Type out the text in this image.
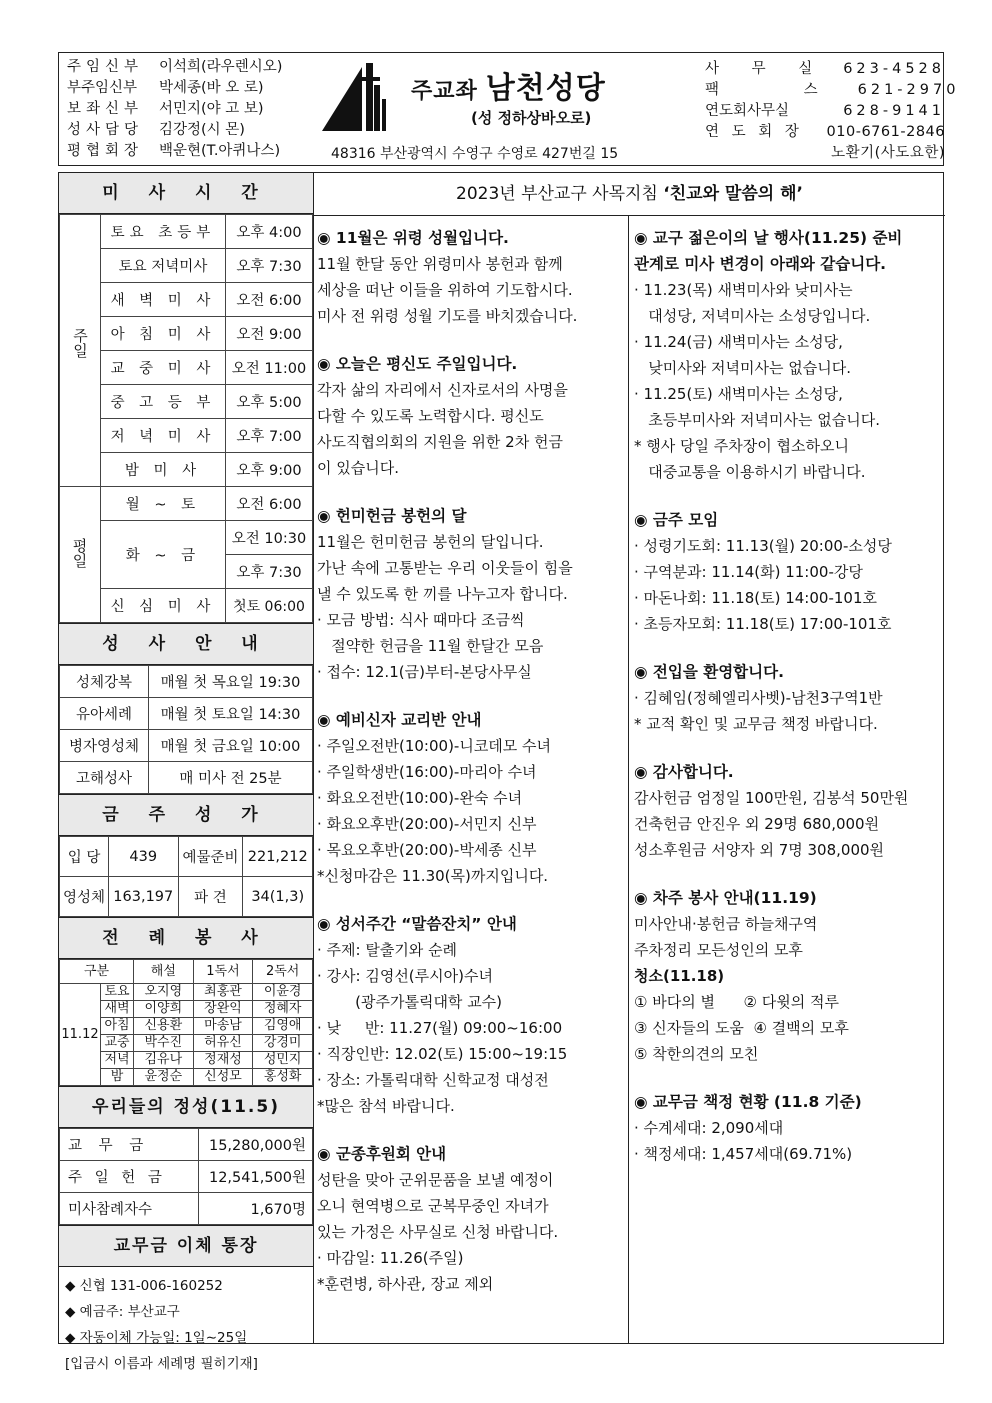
주임신부 이석희(라우렌시오)
부주임신부 박세종(바 오 로)
보좌신부 서민지(야 고 보)
성사담당 김강정(시 몬)
평협회장 백운현(T.아퀴나스)
주교좌 남천성당
(성 정하상바오로)
48316 부산광역시 수영구 수영로 427번길 15
사 무 실 623-4528
팩 스 621-2970
연도회사무실	628-9141
연 도 회 장 010-6761-2846
노환기(사도요한)
미 사 시 간
주일	토요 초등부	오후 4:00
	토요 저녁미사	오후 7:30
	새 벽 미 사	오전 6:00
	아 침 미 사	오전 9:00
	교 중 미 사	오전 11:00
	중 고 등 부	오후 5:00
	저 녁 미 사	오후 7:00
	밤 미 사	오후 9:00
평일	월 ~ 토	오전 6:00
	화 ~ 금	오전 10:30
		오후 7:30
	신 심 미 사	첫토 06:00
성 사 안 내
성체강복	매월 첫 목요일 19:30
유아세례	매월 첫 토요일 14:30
병자영성체	매월 첫 금요일 10:00
고해성사	매 미사 전 25분
금 주 성 가
입 당	439	예물준비	221,212
영성체	163,197	파 견	34(1,3)
전 례 봉 사
구분		해설	1독서	2독서
11.12	토요	오지영	최홍관	이윤경
	새벽	이양희	장완익	정혜자
	아침	신용환	마송남	김영애
	교중	박수진	허유신	강경미
	저녁	김유나	정재성	성민지
	밤	윤정순	신성모	홍성화
우리들의 정성(11.5)
교 무 금	15,280,000원
주 일 헌 금	12,541,500원
미사참례자수	1,670명
교무금 이체 통장
◆ 신협 131-006-160252
◆ 예금주: 부산교구
◆ 자동이체 가능일: 1일∼25일
[입금시 이름과 세례명 필히기재]
2023년 부산교구 사목지침 ‘친교와 말씀의 해’
◉ 11월은 위령 성월입니다.
11월 한달 동안 위령미사 봉헌과 함께
세상을 떠난 이들을 위하여 기도합시다.
미사 전 위령 성월 기도를 바치겠습니다.
◉ 오늘은 평신도 주일입니다.
각자 삶의 자리에서 신자로서의 사명을
다할 수 있도록 노력합시다. 평신도
사도직협의회의 지원을 위한 2차 헌금
이 있습니다.
◉ 헌미헌금 봉헌의 달
11월은 헌미헌금 봉헌의 달입니다.
가난 속에 고통받는 우리 이웃들이 힘을
낼 수 있도록 한 끼를 나누고자 합니다.
· 모금 방법: 식사 때마다 조금씩
절약한 헌금을 11월 한달간 모음
· 접수: 12.1(금)부터-본당사무실
◉ 예비신자 교리반 안내
· 주일오전반(10:00)-니코데모 수녀
· 주일학생반(16:00)-마리아 수녀
· 화요오전반(10:00)-완숙 수녀
· 화요오후반(20:00)-서민지 신부
· 목요오후반(20:00)-박세종 신부
*신청마감은 11.30(목)까지입니다.
◉ 성서주간 “말씀잔치” 안내
· 주제: 탈출기와 순례
· 강사: 김영선(루시아)수녀
(광주가톨릭대학 교수)
· 낮     반: 11.27(월) 09:00~16:00
· 직장인반: 12.02(토) 15:00~19:15
· 장소: 가톨릭대학 신학교정 대성전
*많은 참석 바랍니다.
◉ 군종후원회 안내
성탄을 맞아 군위문품을 보낼 예정이
오니 현역병으로 군복무중인 자녀가
있는 가정은 사무실로 신청 바랍니다.
· 마감일: 11.26(주일)
*훈련병, 하사관, 장교 제외
◉ 교구 젊은이의 날 행사(11.25) 준비
관계로 미사 변경이 아래와 같습니다.
· 11.23(목) 새벽미사와 낮미사는
대성당, 저녁미사는 소성당입니다.
· 11.24(금) 새벽미사는 소성당,
낮미사와 저녁미사는 없습니다.
· 11.25(토) 새벽미사는 소성당,
초등부미사와 저녁미사는 없습니다.
* 행사 당일 주차장이 협소하오니
대중교통을 이용하시기 바랍니다.
◉ 금주 모임
· 성령기도회: 11.13(월) 20:00-소성당
· 구역분과: 11.14(화) 11:00-강당
· 마돈나회: 11.18(토) 14:00-101호
· 초등자모회: 11.18(토) 17:00-101호
◉ 전입을 환영합니다.
· 김혜임(정혜엘리사벳)-남천3구역1반
* 교적 확인 및 교무금 책정 바랍니다.
◉ 감사합니다.
감사헌금 엄정일 100만원, 김봉석 50만원
건축헌금 안진우 외 29명 680,000원
성소후원금 서양자 외 7명 308,000원
◉ 차주 봉사 안내(11.19)
미사안내·봉헌금 하늘채구역
주차정리 모든성인의 모후
청소(11.18)
① 바다의 별      ② 다윗의 적루
③ 신자들의 도움  ④ 결백의 모후
⑤ 착한의견의 모친
◉ 교무금 책정 현황 (11.8 기준)
· 수계세대: 2,090세대
· 책정세대: 1,457세대(69.71%)
